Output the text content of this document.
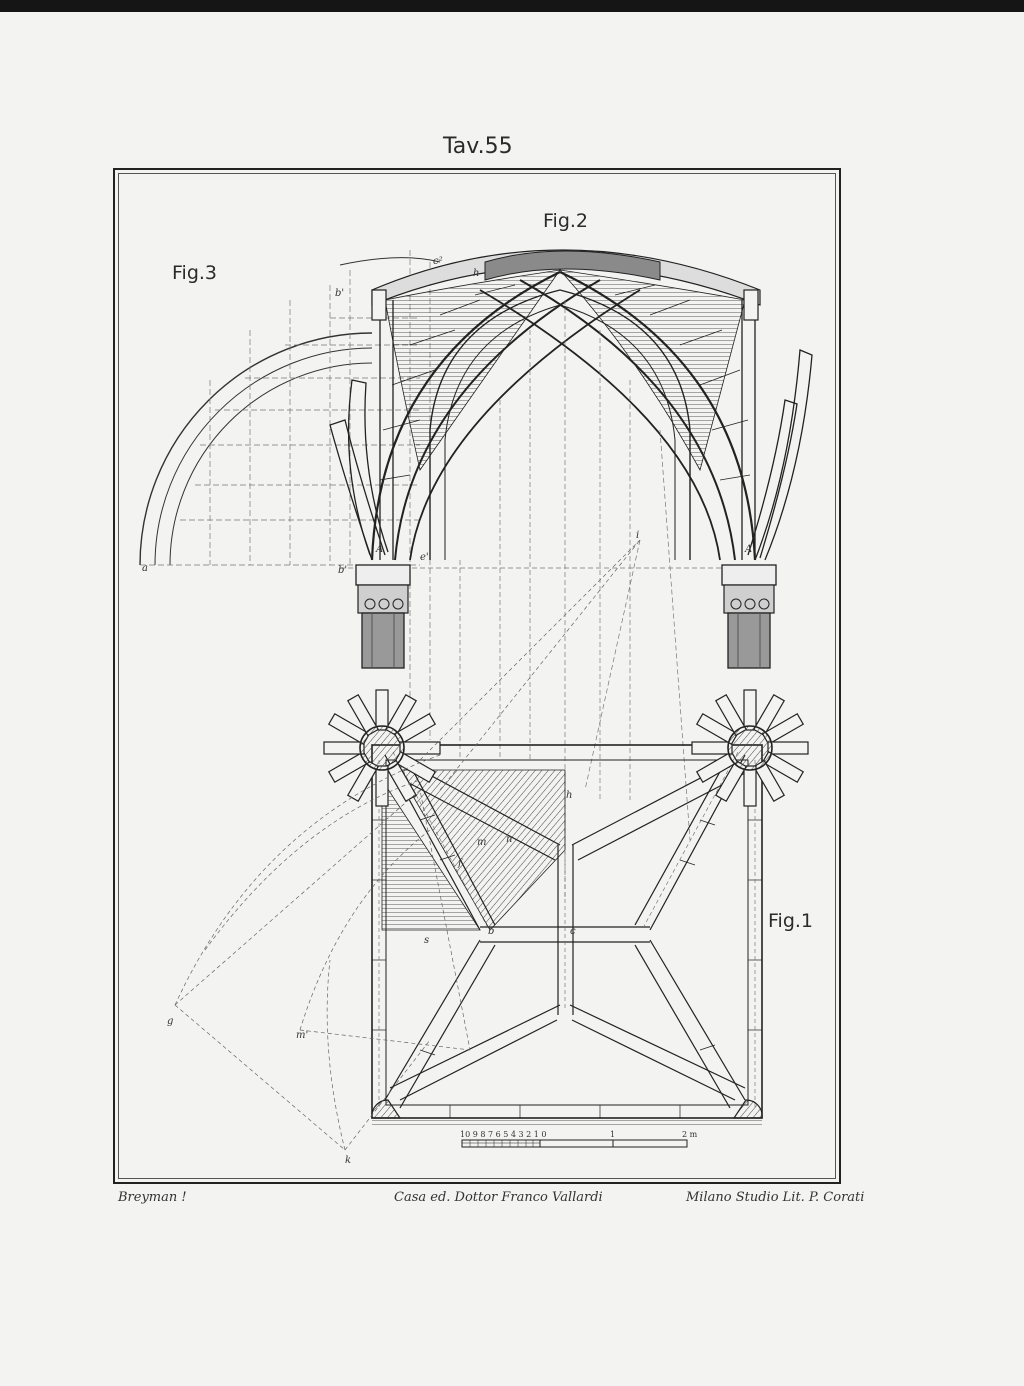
Tav.55
10 9 8 7 6 5 4 3 2 1 0	1	2 m
a	b'
e'
A	A
c²
b'
h
i
h
n
m
f
s
b	c
g
m'
k
Fig.3
Fig.2
Fig.1
Breyman !	Casa ed. Dottor Franco Vallardi	Milano Studio Lit. P. Corati
